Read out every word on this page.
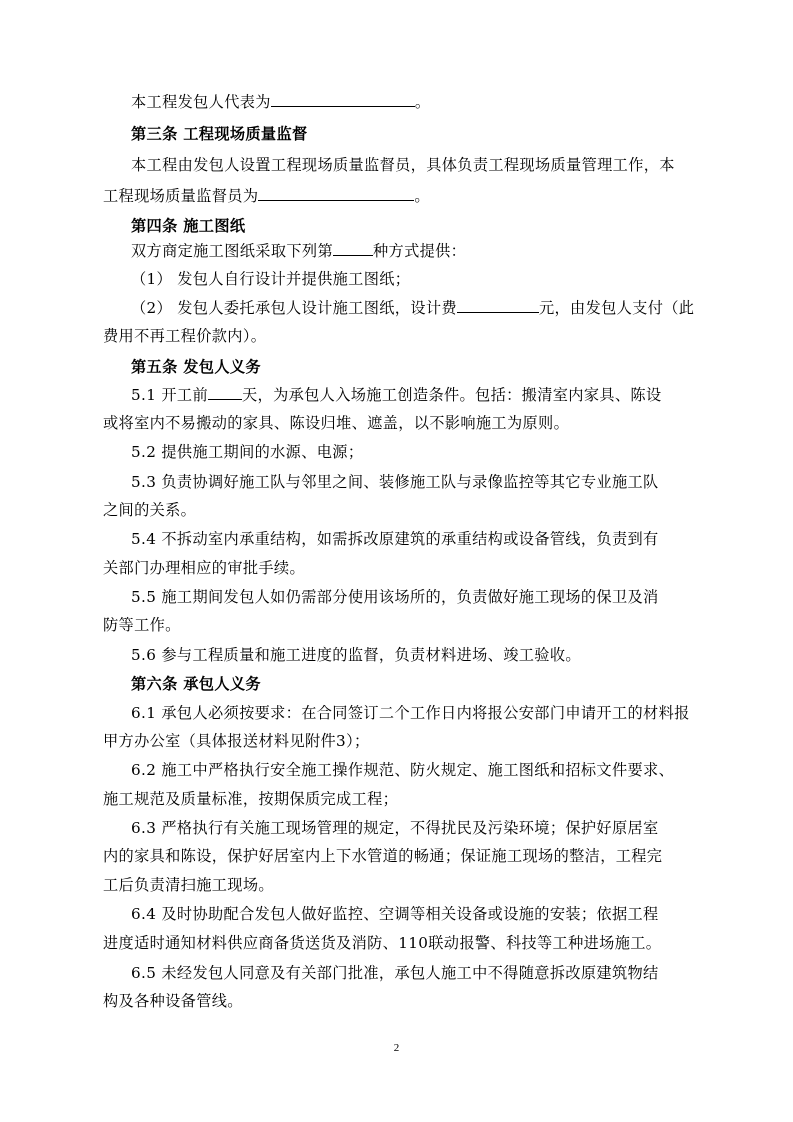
本工程发包人代表为	。
第三条 工程现场质量监督
本工程由发包人设置工程现场质量监督员，具体负责工程现场质量管理工作，本
工程现场质量监督员为	。
第四条 施工图纸
双方商定施工图纸采取下列第	种方式提供：
（1） 发包人自行设计并提供施工图纸；
（2） 发包人委托承包人设计施工图纸，设计费	元，由发包人支付（此
费用不再工程价款内）。
第五条 发包人义务
5.1 开工前 天，为承包人入场施工创造条件。包括：搬清室内家具、陈设
或将室内不易搬动的家具、陈设归堆、遮盖，以不影响施工为原则。
5.2 提供施工期间的水源、电源；
5.3 负责协调好施工队与邻里之间、装修施工队与录像监控等其它专业施工队
之间的关系。
5.4 不拆动室内承重结构，如需拆改原建筑的承重结构或设备管线，负责到有
关部门办理相应的审批手续。
5.5 施工期间发包人如仍需部分使用该场所的，负责做好施工现场的保卫及消
防等工作。
5.6 参与工程质量和施工进度的监督，负责材料进场、竣工验收。
第六条 承包人义务
6.1 承包人必须按要求：在合同签订二个工作日内将报公安部门申请开工的材料报
甲方办公室（具体报送材料见附件3）；
6.2 施工中严格执行安全施工操作规范、防火规定、施工图纸和招标文件要求、
施工规范及质量标准，按期保质完成工程；
6.3 严格执行有关施工现场管理的规定，不得扰民及污染环境；保护好原居室
内的家具和陈设，保护好居室内上下水管道的畅通；保证施工现场的整洁，工程完
工后负责清扫施工现场。
6.4 及时协助配合发包人做好监控、空调等相关设备或设施的安装；依据工程
进度适时通知材料供应商备货送货及消防、110联动报警、科技等工种进场施工。
6.5 未经发包人同意及有关部门批准，承包人施工中不得随意拆改原建筑物结
构及各种设备管线。
2
